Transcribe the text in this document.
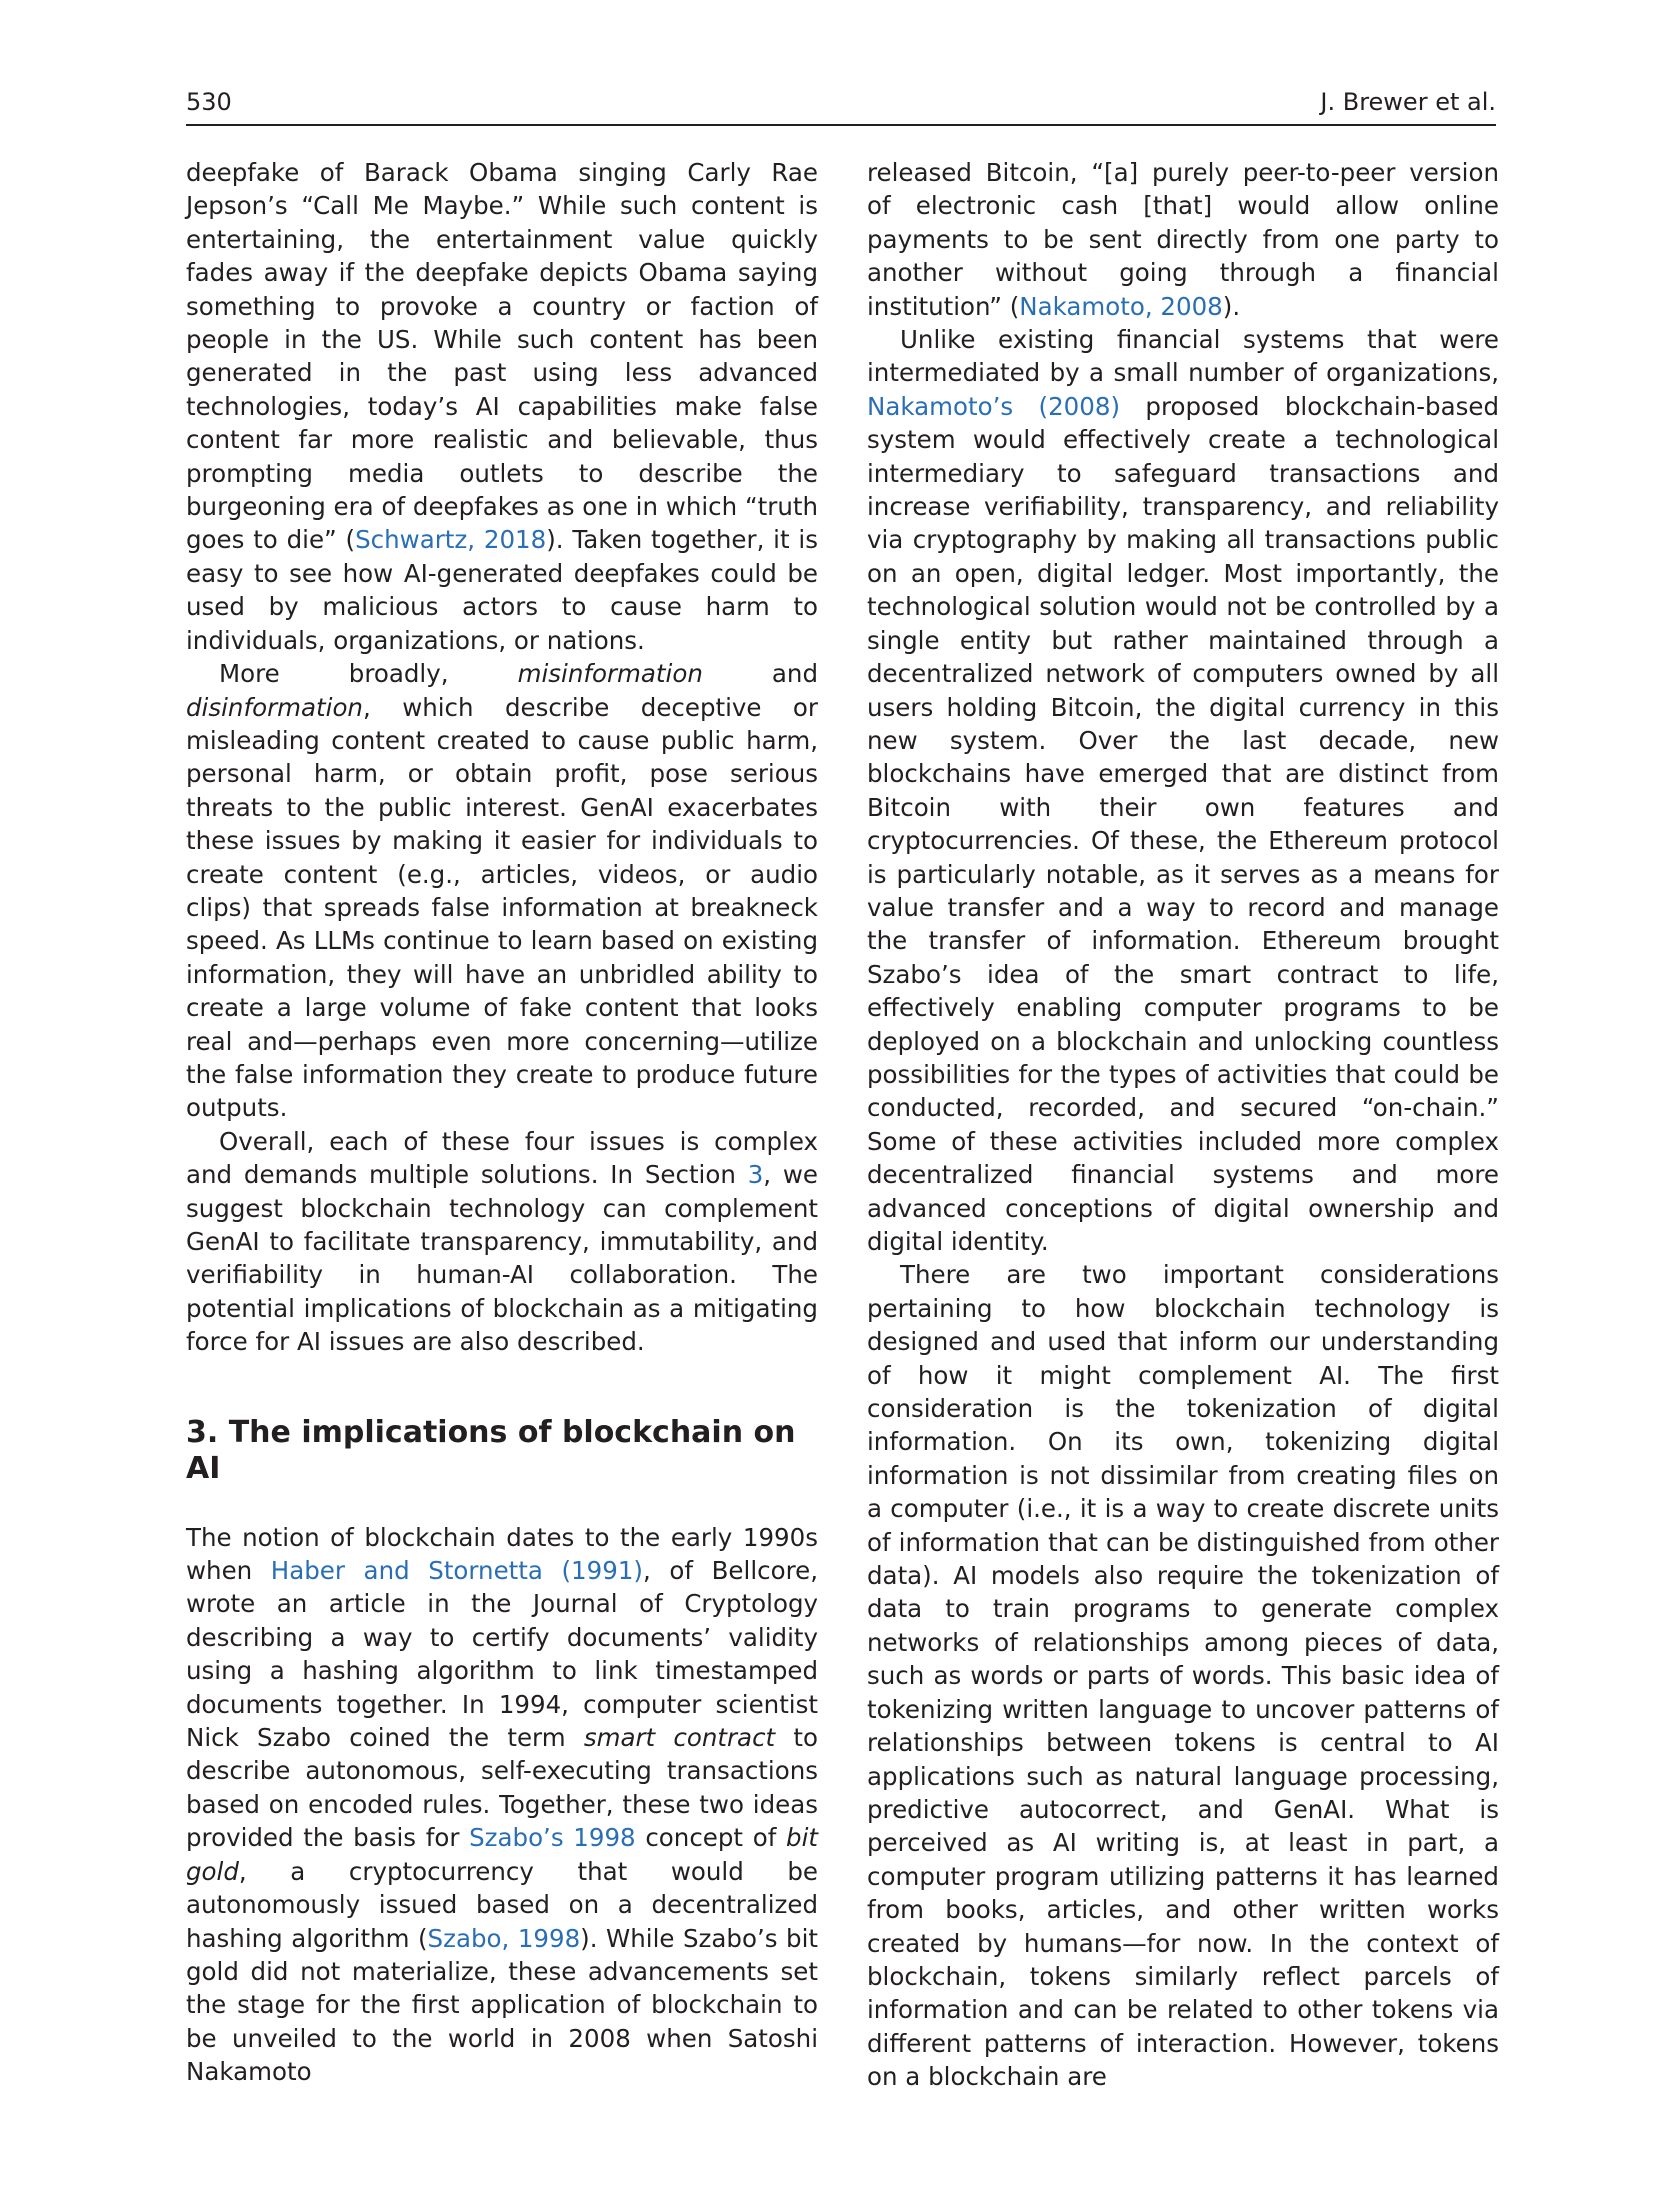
530	J. Brewer et al.

deepfake of Barack Obama singing Carly Rae Jepson’s “Call Me Maybe.” While such content is entertaining, the entertainment value quickly fades away if the deepfake depicts Obama saying something to provoke a country or faction of people in the US. While such content has been generated in the past using less advanced technologies, today’s AI capabilities make false content far more realistic and believable, thus prompting media outlets to describe the burgeoning era of deepfakes as one in which “truth goes to die” (Schwartz, 2018). Taken together, it is easy to see how AI-generated deepfakes could be used by malicious actors to cause harm to individuals, organizations, or nations.

More broadly, misinformation and disinformation, which describe deceptive or misleading content created to cause public harm, personal harm, or obtain profit, pose serious threats to the public interest. GenAI exacerbates these issues by making it easier for individuals to create content (e.g., articles, videos, or audio clips) that spreads false information at breakneck speed. As LLMs continue to learn based on existing information, they will have an unbridled ability to create a large volume of fake content that looks real and—perhaps even more concerning—utilize the false information they create to produce future outputs.

Overall, each of these four issues is complex and demands multiple solutions. In Section 3, we suggest blockchain technology can complement GenAI to facilitate transparency, immutability, and verifiability in human-AI collaboration. The potential implications of blockchain as a mitigating force for AI issues are also described.

3. The implications of blockchain on AI

The notion of blockchain dates to the early 1990s when Haber and Stornetta (1991), of Bellcore, wrote an article in the Journal of Cryptology describing a way to certify documents’ validity using a hashing algorithm to link timestamped documents together. In 1994, computer scientist Nick Szabo coined the term smart contract to describe autonomous, self-executing transactions based on encoded rules. Together, these two ideas provided the basis for Szabo’s 1998 concept of bit gold, a cryptocurrency that would be autonomously issued based on a decentralized hashing algorithm (Szabo, 1998). While Szabo’s bit gold did not materialize, these advancements set the stage for the first application of blockchain to be unveiled to the world in 2008 when Satoshi Nakamoto

released Bitcoin, “[a] purely peer-to-peer version of electronic cash [that] would allow online payments to be sent directly from one party to another without going through a financial institution” (Nakamoto, 2008).

Unlike existing financial systems that were intermediated by a small number of organizations, Nakamoto’s (2008) proposed blockchain-based system would effectively create a technological intermediary to safeguard transactions and increase verifiability, transparency, and reliability via cryptography by making all transactions public on an open, digital ledger. Most importantly, the technological solution would not be controlled by a single entity but rather maintained through a decentralized network of computers owned by all users holding Bitcoin, the digital currency in this new system. Over the last decade, new blockchains have emerged that are distinct from Bitcoin with their own features and cryptocurrencies. Of these, the Ethereum protocol is particularly notable, as it serves as a means for value transfer and a way to record and manage the transfer of information. Ethereum brought Szabo’s idea of the smart contract to life, effectively enabling computer programs to be deployed on a blockchain and unlocking countless possibilities for the types of activities that could be conducted, recorded, and secured “on-chain.” Some of these activities included more complex decentralized financial systems and more advanced conceptions of digital ownership and digital identity.

There are two important considerations pertaining to how blockchain technology is designed and used that inform our understanding of how it might complement AI. The first consideration is the tokenization of digital information. On its own, tokenizing digital information is not dissimilar from creating files on a computer (i.e., it is a way to create discrete units of information that can be distinguished from other data). AI models also require the tokenization of data to train programs to generate complex networks of relationships among pieces of data, such as words or parts of words. This basic idea of tokenizing written language to uncover patterns of relationships between tokens is central to AI applications such as natural language processing, predictive autocorrect, and GenAI. What is perceived as AI writing is, at least in part, a computer program utilizing patterns it has learned from books, articles, and other written works created by humans—for now. In the context of blockchain, tokens similarly reflect parcels of information and can be related to other tokens via different patterns of interaction. However, tokens on a blockchain are
